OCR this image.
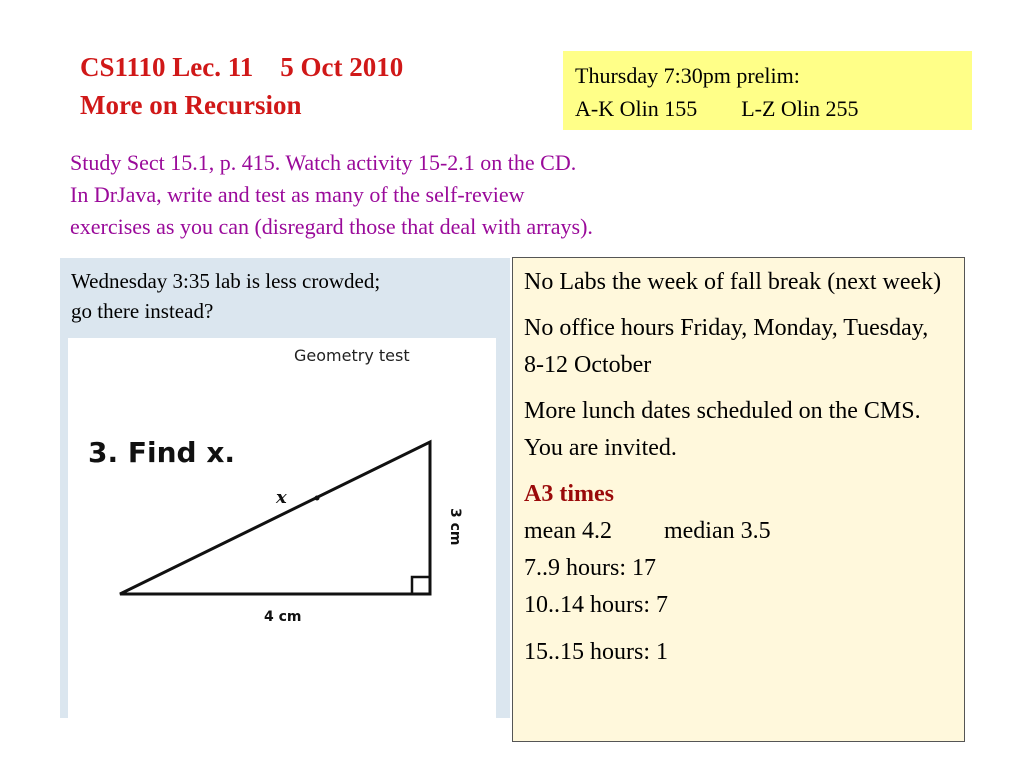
CS1110 Lec. 11    5 Oct 2010
More on Recursion
Thursday 7:30pm prelim:
A-K Olin 155        L-Z Olin 255
Study Sect 15.1, p. 415. Watch activity 15-2.1 on the CD.
In DrJava, write and test as many of the self-review
exercises as you can (disregard those that deal with arrays).
Wednesday 3:35 lab is less crowded;
go there instead?
Geometry test
3. Find x.
x
3 cm
4 cm

No Labs the week of fall break (next week)

No office hours Friday, Monday, Tuesday, 8-12 October

More lunch dates scheduled on the CMS. You are invited.

A3 times
mean 4.2 median 3.5
7..9 hours: 17
10..14 hours: 7
15..15 hours: 1
